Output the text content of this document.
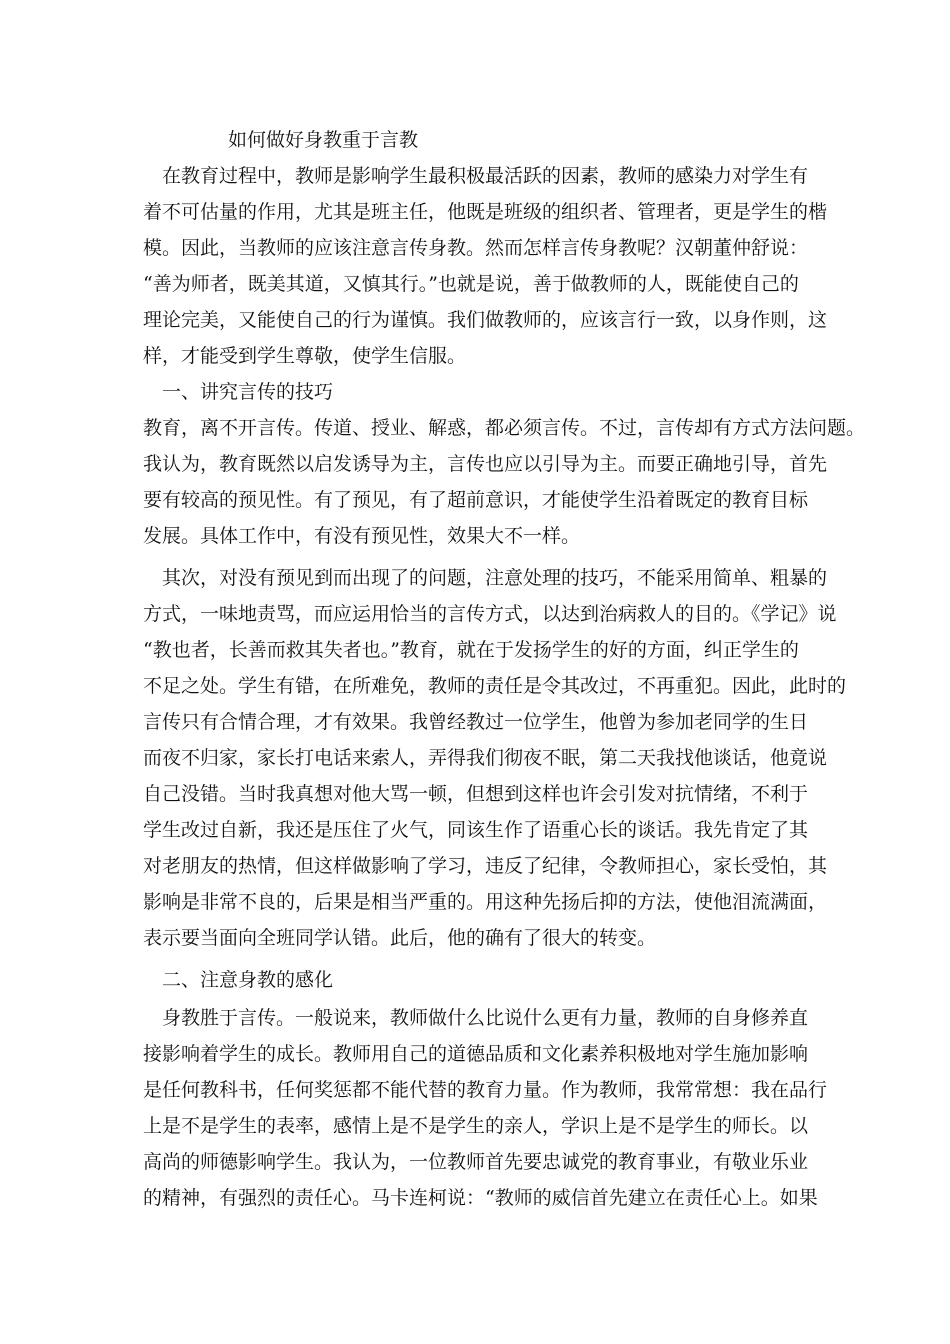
如何做好身教重于言教
在教育过程中，教师是影响学生最积极最活跃的因素，教师的感染力对学生有
着不可估量的作用，尤其是班主任，他既是班级的组织者、管理者，更是学生的楷
模。因此，当教师的应该注意言传身教。然而怎样言传身教呢？汉朝董仲舒说：
“善为师者，既美其道，又慎其行。”也就是说，善于做教师的人，既能使自己的
理论完美，又能使自己的行为谨慎。我们做教师的，应该言行一致，以身作则，这
样，才能受到学生尊敬，使学生信服。
一、讲究言传的技巧
教育，离不开言传。传道、授业、解惑，都必须言传。不过，言传却有方式方法问题。
我认为，教育既然以启发诱导为主，言传也应以引导为主。而要正确地引导，首先
要有较高的预见性。有了预见，有了超前意识，才能使学生沿着既定的教育目标
发展。具体工作中，有没有预见性，效果大不一样。
其次，对没有预见到而出现了的问题，注意处理的技巧，不能采用简单、粗暴的
方式，一味地责骂，而应运用恰当的言传方式，以达到治病救人的目的。《学记》说
“教也者，长善而救其失者也。”教育，就在于发扬学生的好的方面，纠正学生的
不足之处。学生有错，在所难免，教师的责任是令其改过，不再重犯。因此，此时的
言传只有合情合理，才有效果。我曾经教过一位学生，他曾为参加老同学的生日
而夜不归家，家长打电话来索人，弄得我们彻夜不眠，第二天我找他谈话，他竟说
自己没错。当时我真想对他大骂一顿，但想到这样也许会引发对抗情绪，不利于
学生改过自新，我还是压住了火气，同该生作了语重心长的谈话。我先肯定了其
对老朋友的热情，但这样做影响了学习，违反了纪律，令教师担心，家长受怕，其
影响是非常不良的，后果是相当严重的。用这种先扬后抑的方法，使他泪流满面，
表示要当面向全班同学认错。此后，他的确有了很大的转变。
二、注意身教的感化
身教胜于言传。一般说来，教师做什么比说什么更有力量，教师的自身修养直
接影响着学生的成长。教师用自己的道德品质和文化素养积极地对学生施加影响
是任何教科书，任何奖惩都不能代替的教育力量。作为教师，我常常想：我在品行
上是不是学生的表率，感情上是不是学生的亲人，学识上是不是学生的师长。以
高尚的师德影响学生。我认为，一位教师首先要忠诚党的教育事业，有敬业乐业
的精神，有强烈的责任心。马卡连柯说：“教师的威信首先建立在责任心上。如果
